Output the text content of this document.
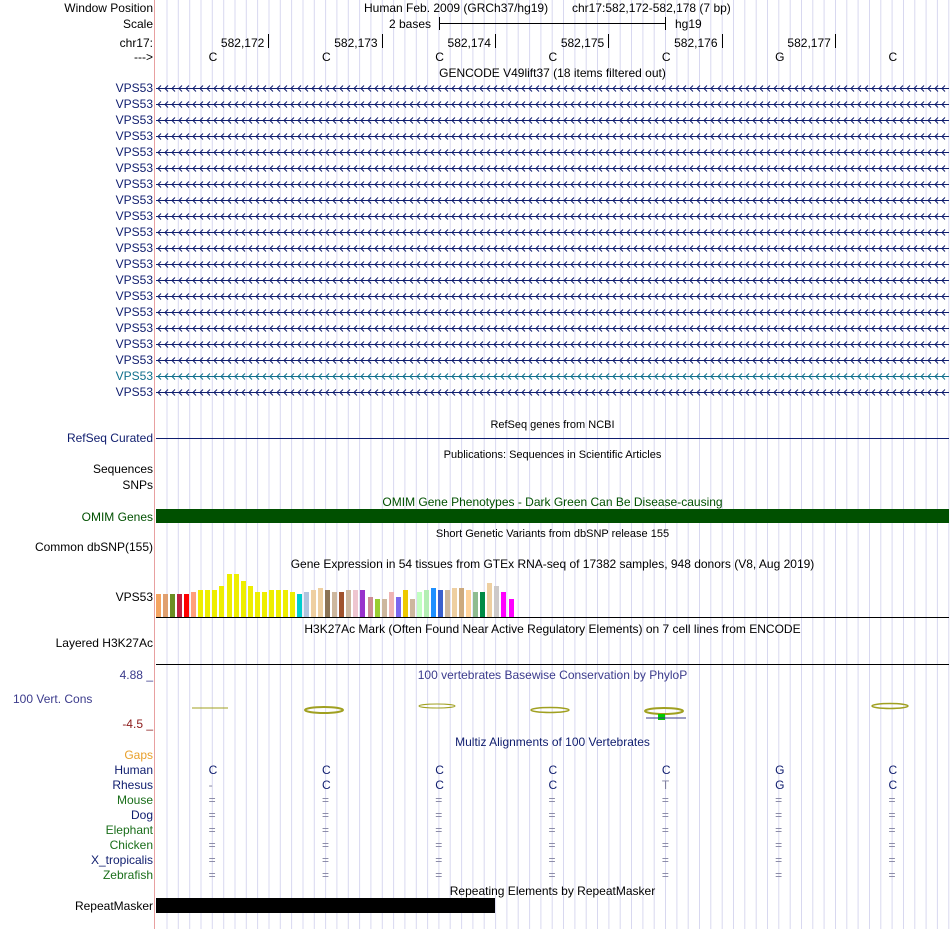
Window Position	Human Feb. 2009 (GRCh37/hg19) chr17:582,172-582,178 (7 bp)
Scale	2 bases	hg19
chr17:	582,172	582,173	582,174	582,175	582,176	582,177
--->	C	C	C	C	C	G	C
GENCODE V49lift37 (18 items filtered out)
VPS53
VPS53
VPS53
VPS53
VPS53
VPS53
VPS53
VPS53
VPS53
VPS53
VPS53
VPS53
VPS53
VPS53
VPS53
VPS53
VPS53
VPS53
VPS53
VPS53
RefSeq genes from NCBI
RefSeq Curated
Publications: Sequences in Scientific Articles
Sequences
SNPs
OMIM Gene Phenotypes - Dark Green Can Be Disease-causing
OMIM Genes
Short Genetic Variants from dbSNP release 155
Common dbSNP(155)
Gene Expression in 54 tissues from GTEx RNA-seq of 17382 samples, 948 donors (V8, Aug 2019)
VPS53
H3K27Ac Mark (Often Found Near Active Regulatory Elements) on 7 cell lines from ENCODE
Layered H3K27Ac
100 vertebrates Basewise Conservation by PhyloP
4.88 _
100 Vert. Cons
-4.5 _
Multiz Alignments of 100 Vertebrates
Gaps
Human	C	C	C	C	C	G	C
Rhesus	-	C	C	C	T	G	C
Mouse	=	=	=	=	=	=	=
Dog	=	=	=	=	=	=	=
Elephant	=	=	=	=	=	=	=
Chicken	=	=	=	=	=	=	=
X_tropicalis	=	=	=	=	=	=	=
Zebrafish	=	=	=	=	=	=	=
Repeating Elements by RepeatMasker
RepeatMasker
